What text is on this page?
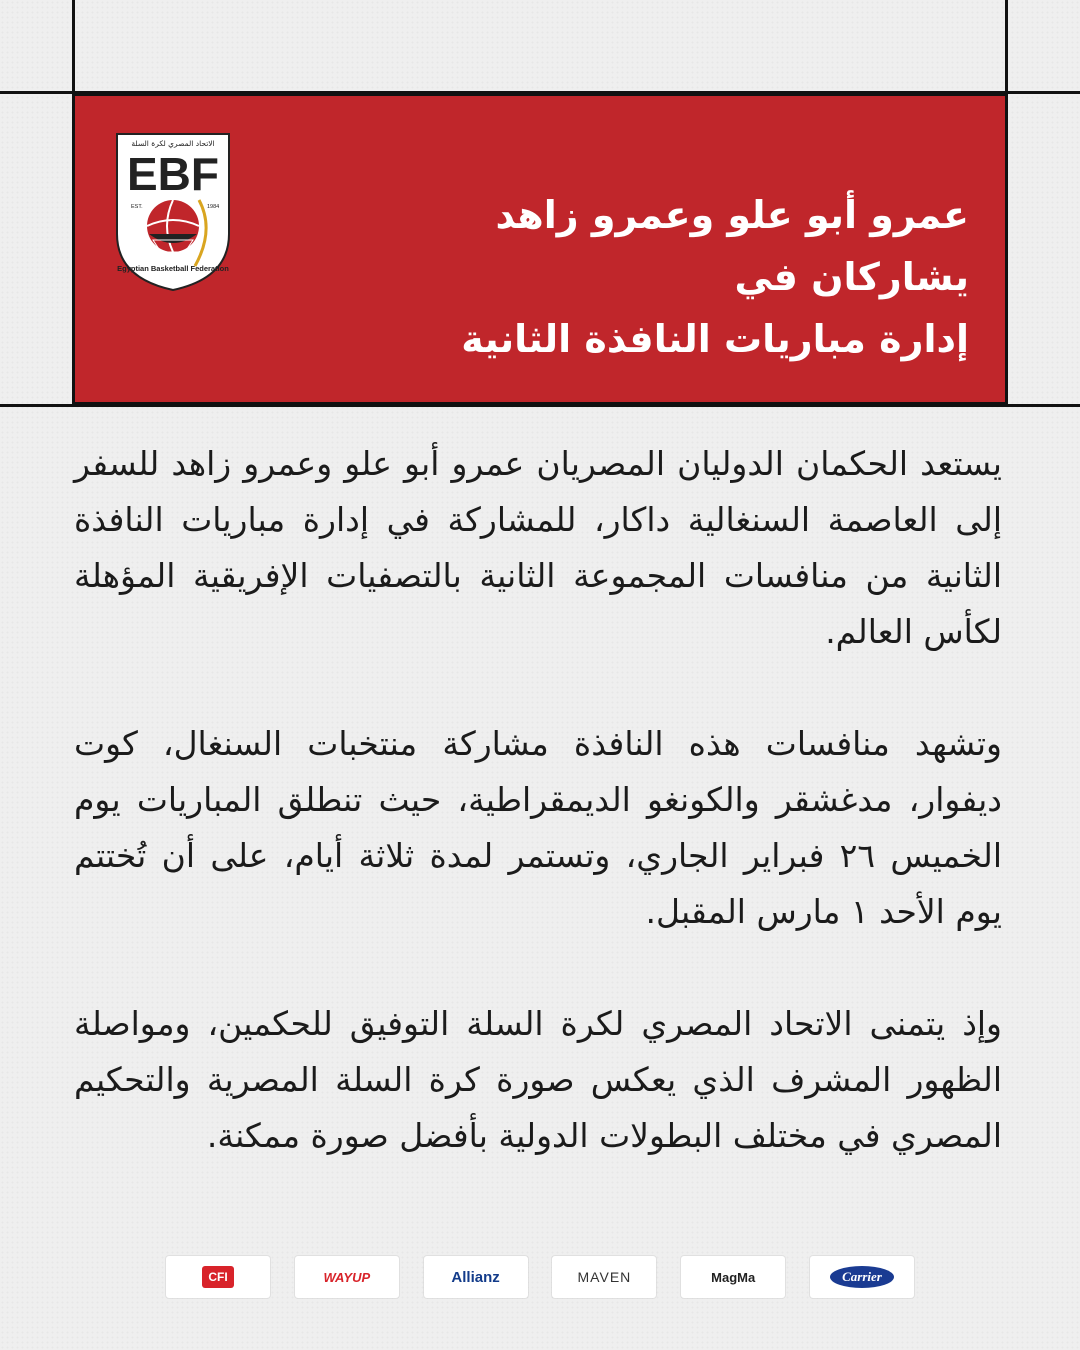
الاتحاد المصري لكرة السلة
EBF
EST.	1984
Egyptian Basketball Federation
عمرو أبو علو وعمرو زاهد يشاركان في
إدارة مباريات النافذة الثانية

يستعد الحكمان الدوليان المصريان عمرو أبو علو وعمرو زاهد للسفر إلى العاصمة السنغالية داكار، للمشاركة في إدارة مباريات النافذة الثانية من منافسات المجموعة الثانية بالتصفيات الإفريقية المؤهلة لكأس العالم.

وتشهد منافسات هذه النافذة مشاركة منتخبات السنغال، كوت ديفوار، مدغشقر والكونغو الديمقراطية، حيث تنطلق المباريات يوم الخميس ٢٦ فبراير الجاري، وتستمر لمدة ثلاثة أيام، على أن تُختتم يوم الأحد ١ مارس المقبل.

وإذ يتمنى الاتحاد المصري لكرة السلة التوفيق للحكمين، ومواصلة الظهور المشرف الذي يعكس صورة كرة السلة المصرية والتحكيم المصري في مختلف البطولات الدولية بأفضل صورة ممكنة.

CFI	WAYUP	Allianz	MAVEN	MagMa	Carrier
